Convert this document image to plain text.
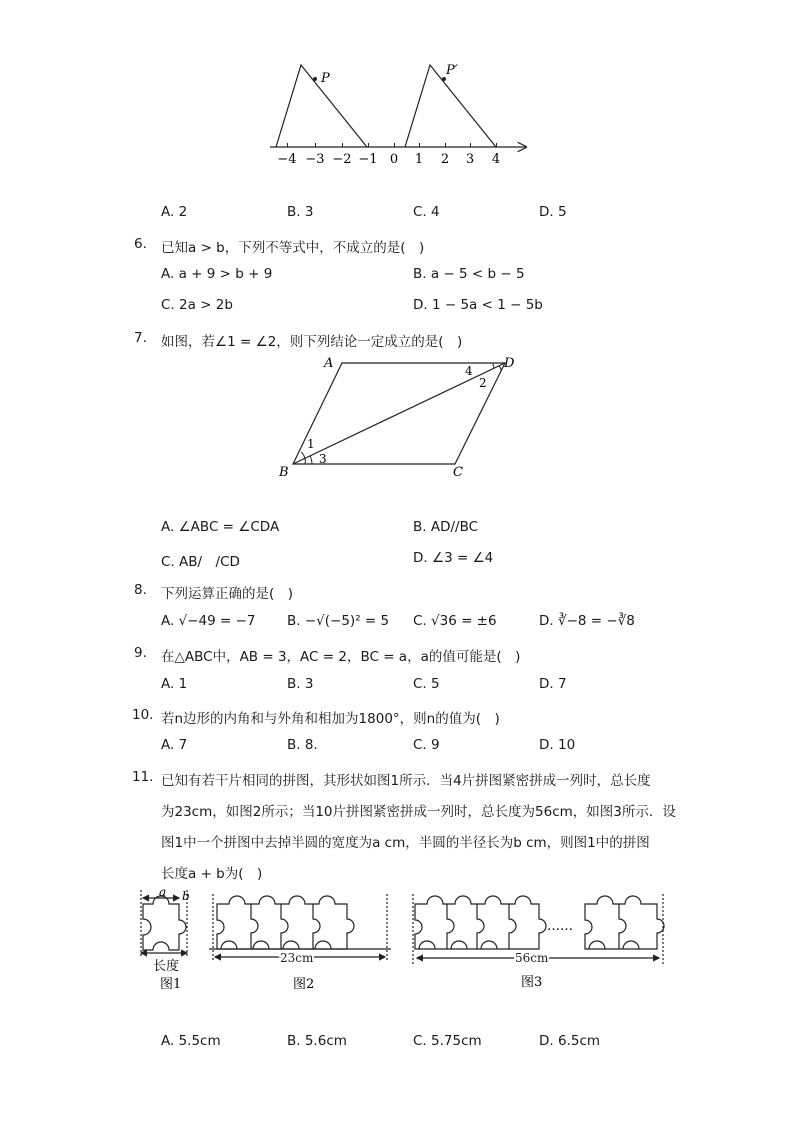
P
P′
−4 −3 −2 −1 0 1 2 3 4
A. 2	B. 3	C. 4	D. 5
6. 已知a > b，下列不等式中，不成立的是(　)
A. a + 9 > b + 9	B. a − 5 < b − 5
C. 2a > 2b	D. 1 − 5a < 1 − 5b
7. 如图，若∠1 = ∠2，则下列结论一定成立的是(　)
A	D
B	C
1
3
4
2
A. ∠ABC = ∠CDA	B. AD//BC
C. AB/　/CD	D. ∠3 = ∠4
8. 下列运算正确的是(　)
A. √−49 = −7 B. −√(−5)² = 5 C. √36 = ±6	D. ∛−8 = −∛8
9. 在△ABC中，AB = 3，AC = 2，BC = a，a的值可能是(　)
A. 1	B. 3	C. 5	D. 7
10. 若n边形的内角和与外角和相加为1800°，则n的值为(　)
A. 7	B. 8.	C. 9	D. 10
11. 已知有若干片相同的拼图，其形状如图1所示．当4片拼图紧密拼成一列时，总长度
为23cm，如图2所示；当10片拼图紧密拼成一列时，总长度为56cm，如图3所示．设
图1中一个拼图中去掉半圆的宽度为a cm，半圆的半径长为b cm，则图1中的拼图
长度a + b为(　)
a b
长度
23cm	56cm
……
图1	图2	图3
A. 5.5cm	B. 5.6cm	C. 5.75cm	D. 6.5cm
